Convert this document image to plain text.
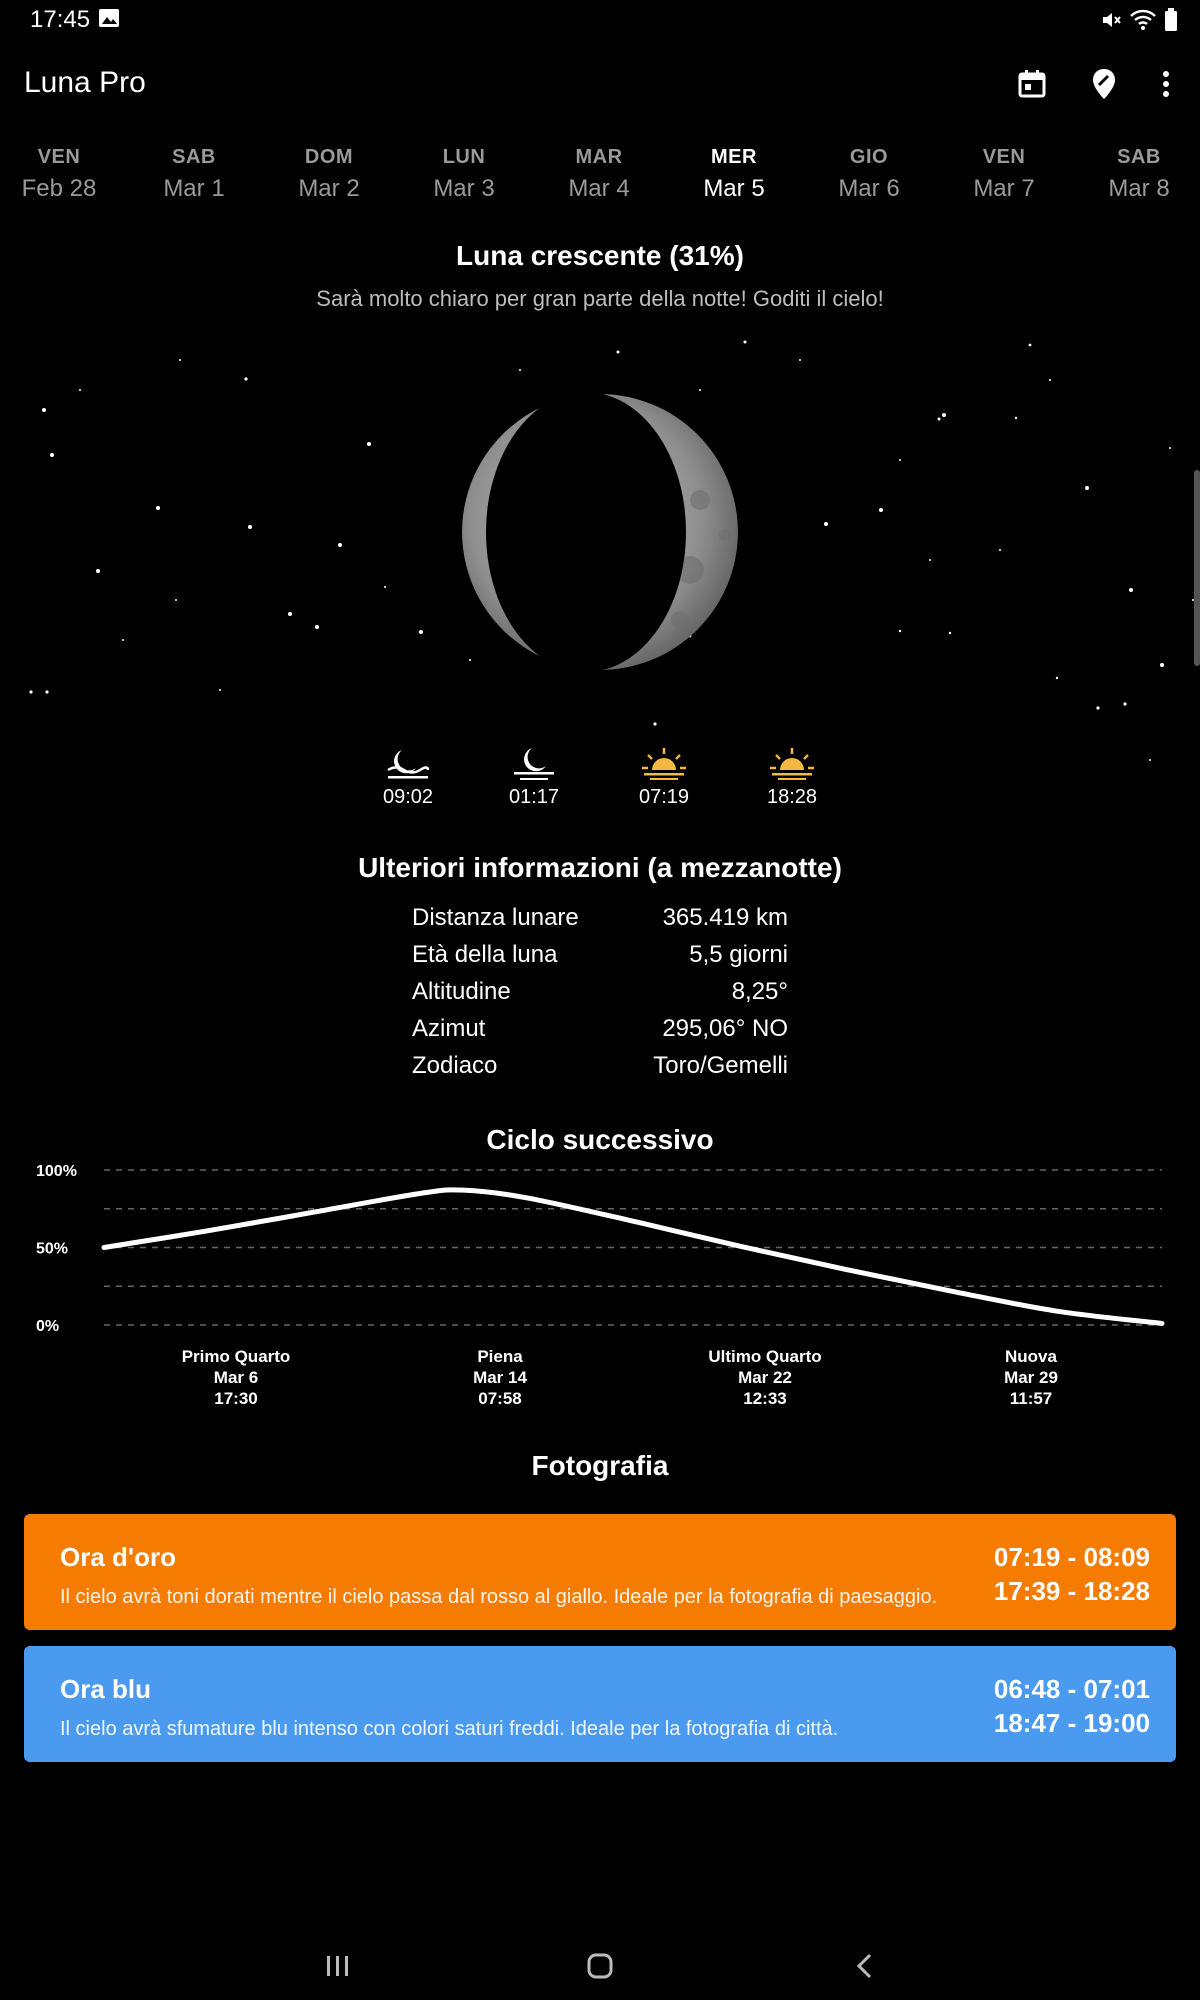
17:45
Luna Pro
VEN
Feb 28
SAB
Mar 1
DOM
Mar 2
LUN
Mar 3
MAR
Mar 4
MER
Mar 5
GIO
Mar 6
VEN
Mar 7
SAB
Mar 8
Luna crescente (31%)
Sarà molto chiaro per gran parte della notte! Goditi il cielo!
09:02	01:17	07:19	18:28
Ulteriori informazioni (a mezzanotte)
Distanza lunare	365.419 km
Età della luna	5,5 giorni
Altitudine	8,25°
Azimut	295,06° NO
Zodiaco	Toro/Gemelli
Ciclo successivo
100%
50%
0%
Primo Quarto
Mar 6
17:30
Piena
Mar 14
07:58
Ultimo Quarto
Mar 22
12:33
Nuova
Mar 29
11:57
Fotografia
Ora d'oro
Il cielo avrà toni dorati mentre il cielo passa dal rosso al giallo. Ideale per la fotografia di paesaggio.
07:19 - 08:09
17:39 - 18:28
Ora blu
Il cielo avrà sfumature blu intenso con colori saturi freddi. Ideale per la fotografia di città.
06:48 - 07:01
18:47 - 19:00
